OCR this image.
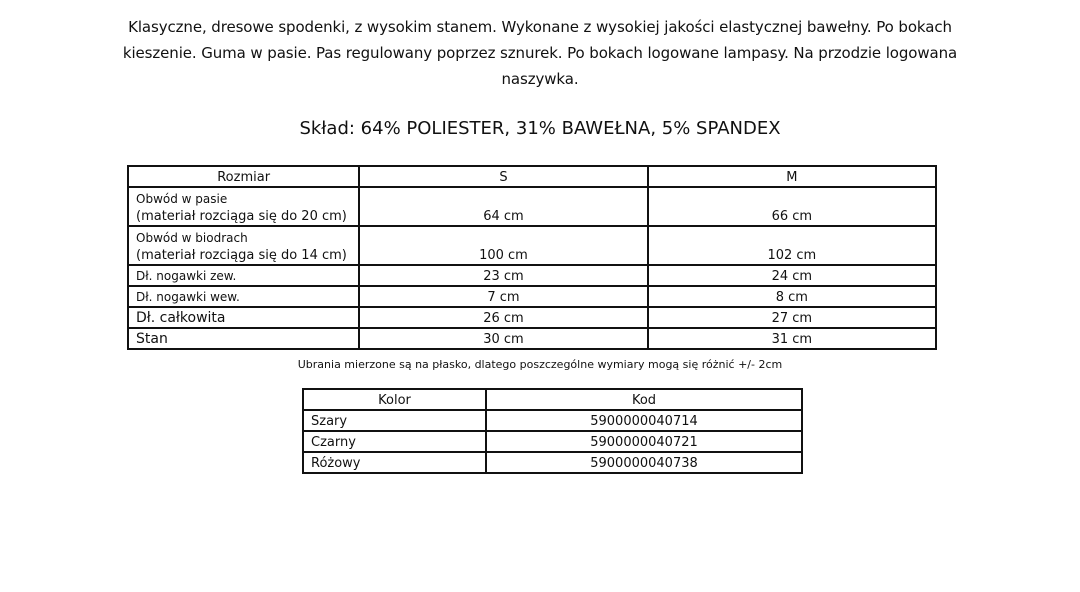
Klasyczne, dresowe spodenki, z wysokim stanem. Wykonane z wysokiej jakości elastycznej bawełny. Po bokach kieszenie. Guma w pasie. Pas regulowany poprzez sznurek. Po bokach logowane lampasy. Na przodzie logowana naszywka.
Skład: 64% POLIESTER, 31% BAWEŁNA, 5% SPANDEX
Rozmiar	S	M

Obwód w pasie
(materiał rozciąga się do 20 cm)	64 cm	66 cm

Obwód w biodrach
(materiał rozciąga się do 14 cm)	100 cm	102 cm
Dł. nogawki zew.	23 cm	24 cm
Dł. nogawki wew.	7 cm	8 cm
Dł. całkowita	26 cm	27 cm
Stan	30 cm	31 cm
Ubrania mierzone są na płasko, dlatego poszczególne wymiary mogą się różnić +/- 2cm
Kolor	Kod
Szary	5900000040714
Czarny	5900000040721
Różowy	5900000040738
